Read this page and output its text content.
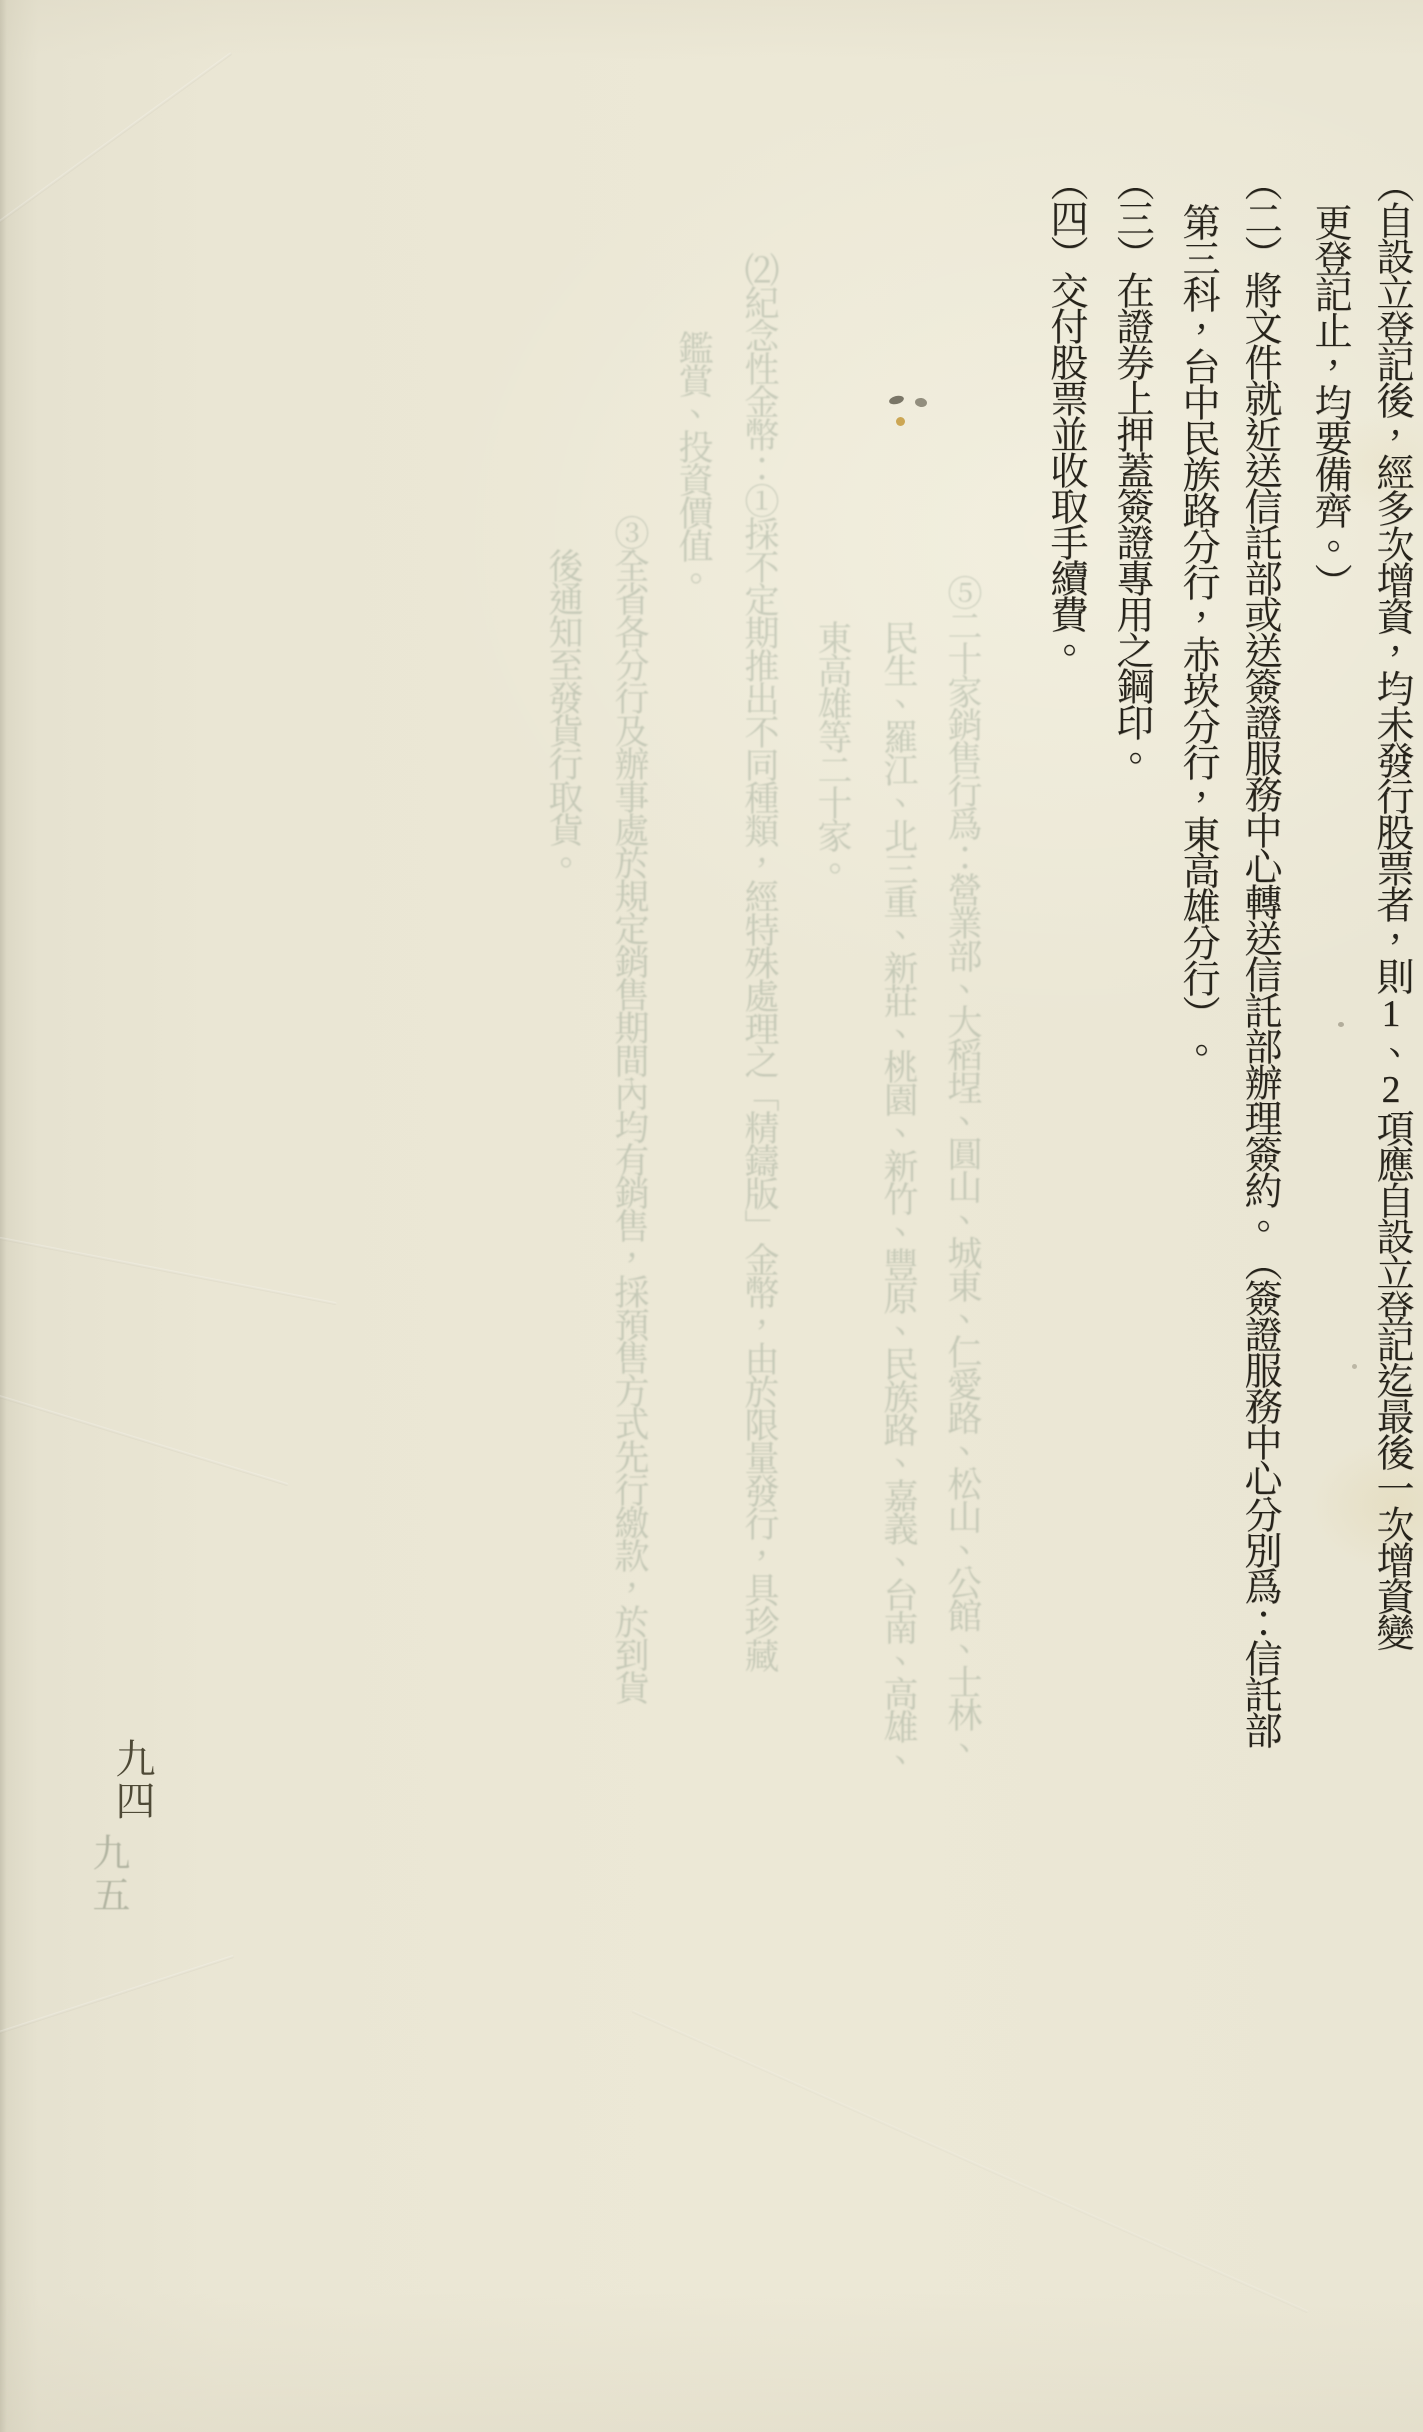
⑤二十家銷售行爲：營業部、大稻埕、圓山、城東、仁愛路、松山、公館、士林、
民生、羅江、北三重、新莊、桃園、新竹、豐原、民族路、嘉義、台南、高雄、
東高雄等二十家。
⑵紀念性金幣：①採不定期推出不同種類，經特殊處理之「精鑄版」金幣，由於限量發行，具珍藏
鑑賞、投資價值。
③全省各分行及辦事處於規定銷售期間內均有銷售，採預售方式先行繳款，於到貨
後通知至發貨行取貨。	︵自設立登記後，經多次增資，均未發行股票者，則1、2項應自設立登記迄最後一次增資變
更登記止，均要備齊。︶
︵二︶將文件就近送信託部或送簽證服務中心轉送信託部辦理簽約。︵簽證服務中心分別爲：信託部
第三科，台中民族路分行，赤崁分行，東高雄分行︶。
︵三︶在證券上押蓋簽證專用之鋼印。
︵四︶交付股票並收取手續費。
九四
九五
